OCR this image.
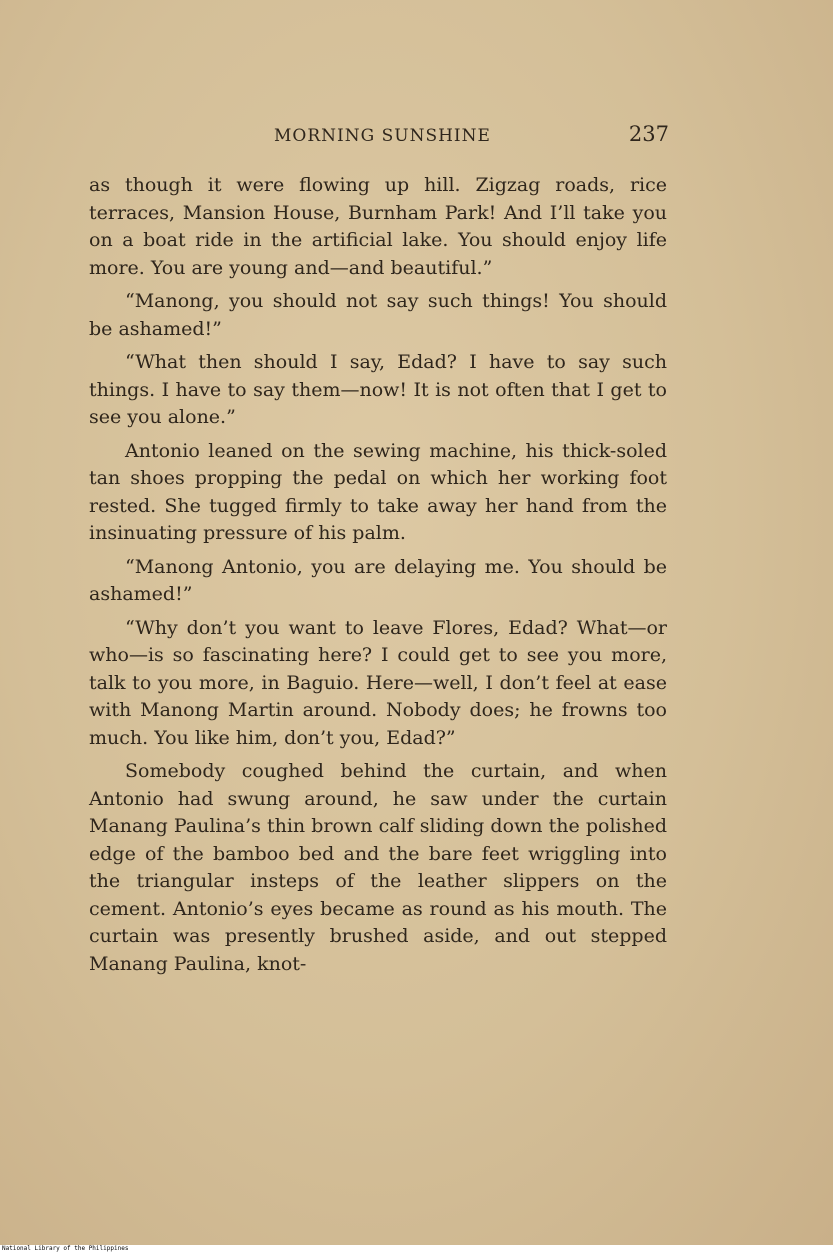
MORNING SUNSHINE	237

as though it were flowing up hill. Zigzag roads, rice terraces, Mansion House, Burnham Park! And I’ll take you on a boat ride in the artificial lake. You should enjoy life more. You are young and—and beautiful.”

“Manong, you should not say such things! You should be ashamed!”

“What then should I say, Edad? I have to say such things. I have to say them—now! It is not often that I get to see you alone.”

Antonio leaned on the sewing machine, his thick-soled tan shoes propping the pedal on which her working foot rested. She tugged firmly to take away her hand from the insinuating pressure of his palm.

“Manong Antonio, you are delaying me. You should be ashamed!”

“Why don’t you want to leave Flores, Edad? What—or who—is so fascinating here? I could get to see you more, talk to you more, in Baguio. Here—well, I don’t feel at ease with Manong Martin around. Nobody does; he frowns too much. You like him, don’t you, Edad?”

Somebody coughed behind the curtain, and when Antonio had swung around, he saw under the curtain Manang Paulina’s thin brown calf sliding down the polished edge of the bamboo bed and the bare feet wriggling into the triangular insteps of the leather slippers on the cement. Antonio’s eyes became as round as his mouth. The curtain was presently brushed aside, and out stepped Manang Paulina, knot-

National Library of the Philippines
